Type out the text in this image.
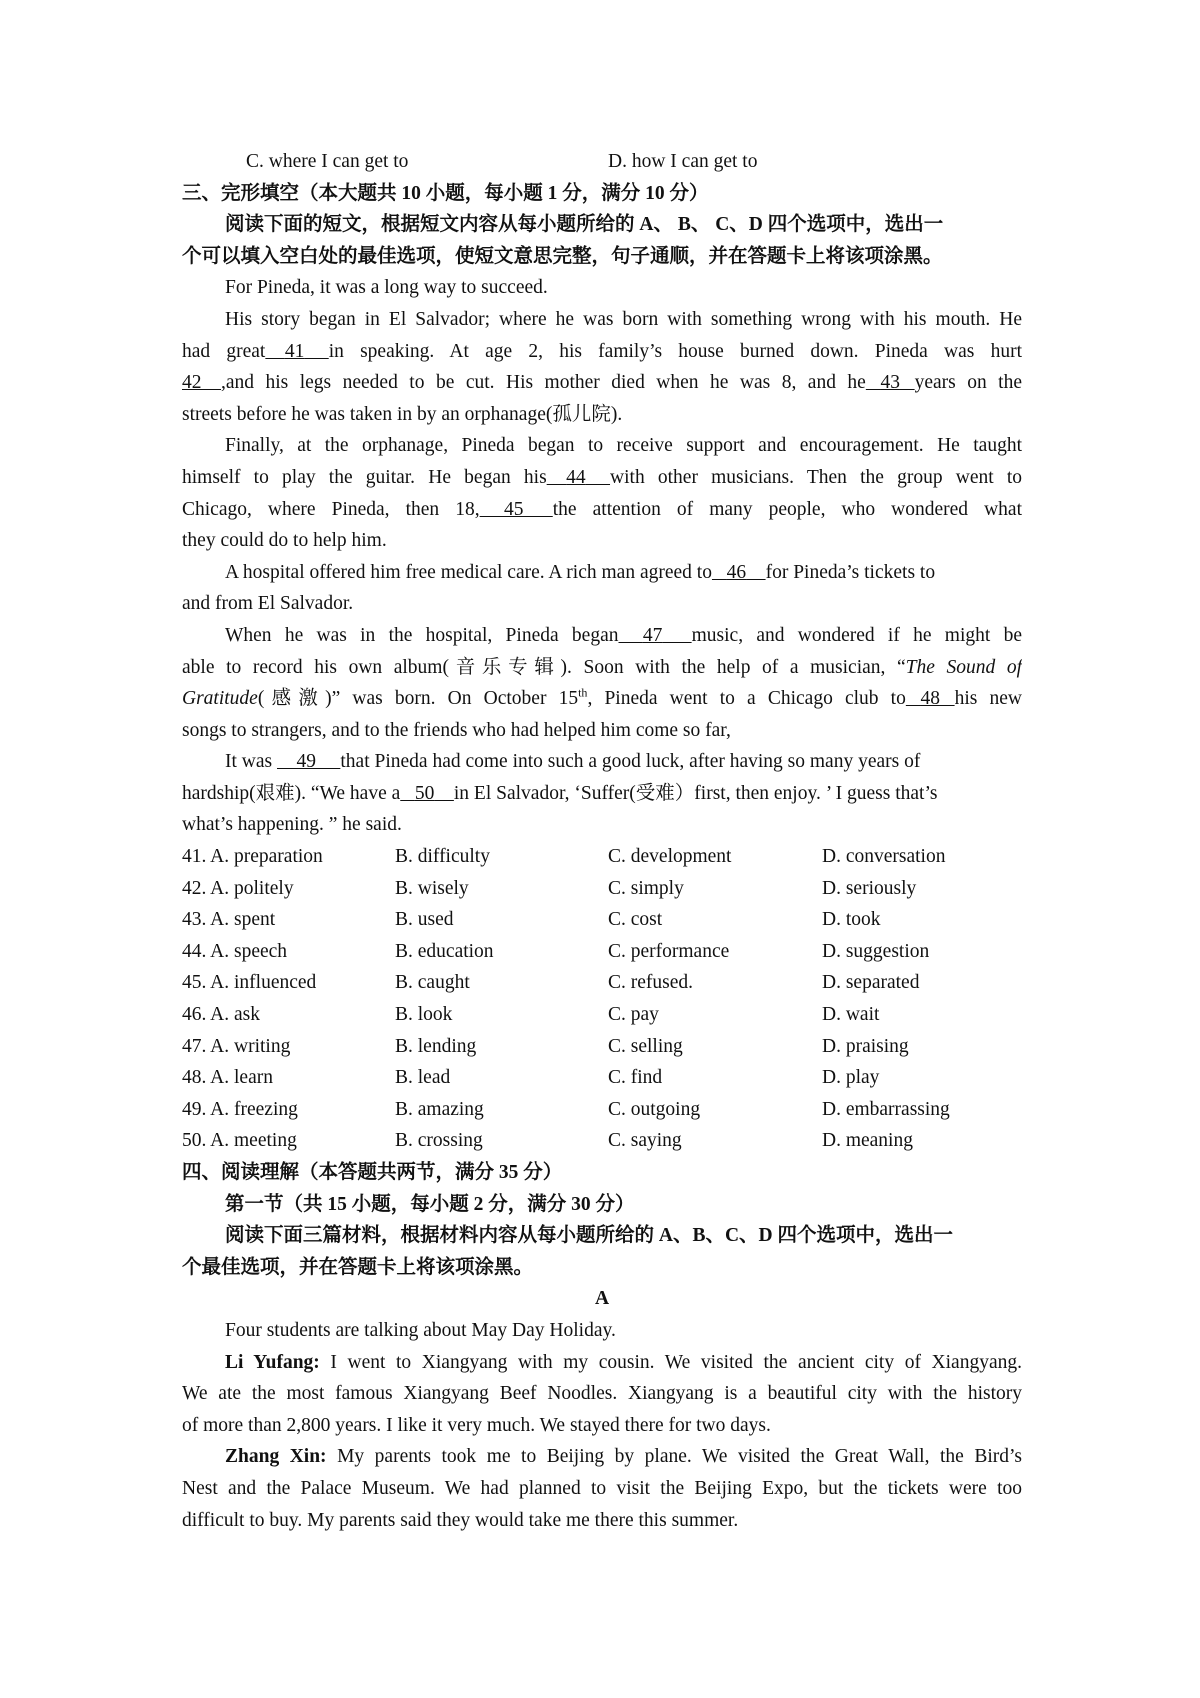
C. where I can get to	D. how I can get to
三、完形填空（本大题共 10 小题，每小题 1 分，满分 10 分）
阅读下面的短文，根据短文内容从每小题所给的 A、 B、 C、D 四个选项中，选出一
个可以填入空白处的最佳选项，使短文意思完整，句子通顺，并在答题卡上将该项涂黑。
For Pineda, it was a long way to succeed.
His story began in El Salvador; where he was born with something wrong with his mouth. He
had great 41 in speaking. At age 2, his family’s house burned down. Pineda was hurt
42 ,and his legs needed to be cut. His mother died when he was 8, and he 43 years on the
streets before he was taken in by an orphanage(孤儿院).
Finally, at the orphanage, Pineda began to receive support and encouragement. He taught
himself to play the guitar. He began his 44 with other musicians. Then the group went to
Chicago, where Pineda, then 18, 45 the attention of many people, who wondered what
they could do to help him.
A hospital offered him free medical care. A rich man agreed to 46 for Pineda’s tickets to
and from El Salvador.
When he was in the hospital, Pineda began 47 music, and wondered if he might be
able to record his own album(音乐专辑). Soon with the help of a musician, “The Sound of
Gratitude(感激)” was born. On October 15th, Pineda went to a Chicago club to 48 his new
songs to strangers, and to the friends who had helped him come so far,
It was 49 that Pineda had come into such a good luck, after having so many years of
hardship(艰难). “We have a 50 in El Salvador, ‘Suffer(受难）first, then enjoy. ’ I guess that’s
what’s happening. ” he said.
41. A. preparation	B. difficulty	C. development	D. conversation
42. A. politely	B. wisely	C. simply	D. seriously
43. A. spent	B. used	C. cost	D. took
44. A. speech	B. education	C. performance	D. suggestion
45. A. influenced	B. caught	C. refused.	D. separated
46. A. ask	B. look	C. pay	D. wait
47. A. writing	B. lending	C. selling	D. praising
48. A. learn	B. lead	C. find	D. play
49. A. freezing	B. amazing	C. outgoing	D. embarrassing
50. A. meeting	B. crossing	C. saying	D. meaning
四、阅读理解（本答题共两节，满分 35 分）
第一节（共 15 小题，每小题 2 分，满分 30 分）
阅读下面三篇材料，根据材料内容从每小题所给的 A、B、C、D 四个选项中，选出一
个最佳选项，并在答题卡上将该项涂黑。
A
Four students are talking about May Day Holiday.
Li Yufang: I went to Xiangyang with my cousin. We visited the ancient city of Xiangyang.
We ate the most famous Xiangyang Beef Noodles. Xiangyang is a beautiful city with the history
of more than 2,800 years. I like it very much. We stayed there for two days.
Zhang Xin: My parents took me to Beijing by plane. We visited the Great Wall, the Bird’s
Nest and the Palace Museum. We had planned to visit the Beijing Expo, but the tickets were too
difficult to buy. My parents said they would take me there this summer.
